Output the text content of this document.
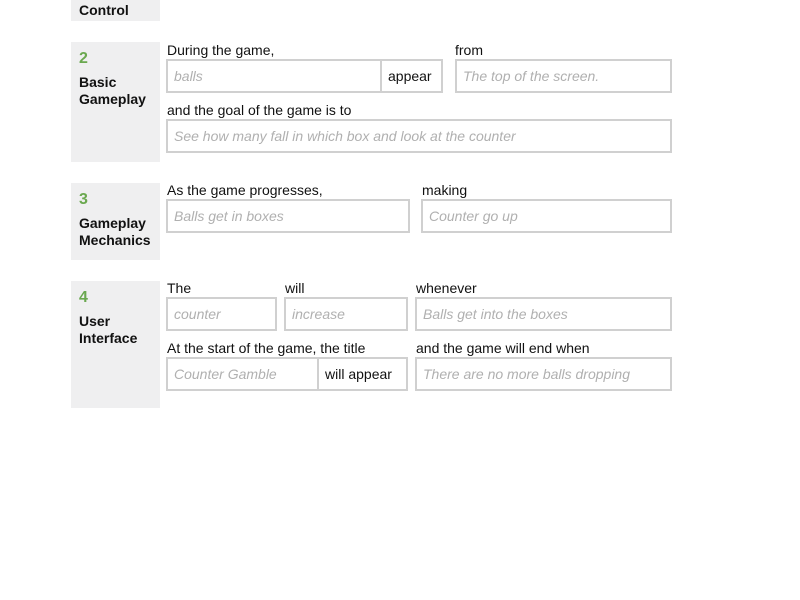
Control
2
Basic Gameplay
During the game,	from
balls	appear	The top of the screen.
and the goal of the game is to
See how many fall in which box and look at the counter
3
Gameplay Mechanics
As the game progresses,	making
Balls get in boxes	Counter go up
4
User Interface
The	will	whenever
counter	increase	Balls get into the boxes
At the start of the game, the title	and the game will end when
Counter Gamble	will appear	There are no more balls dropping
